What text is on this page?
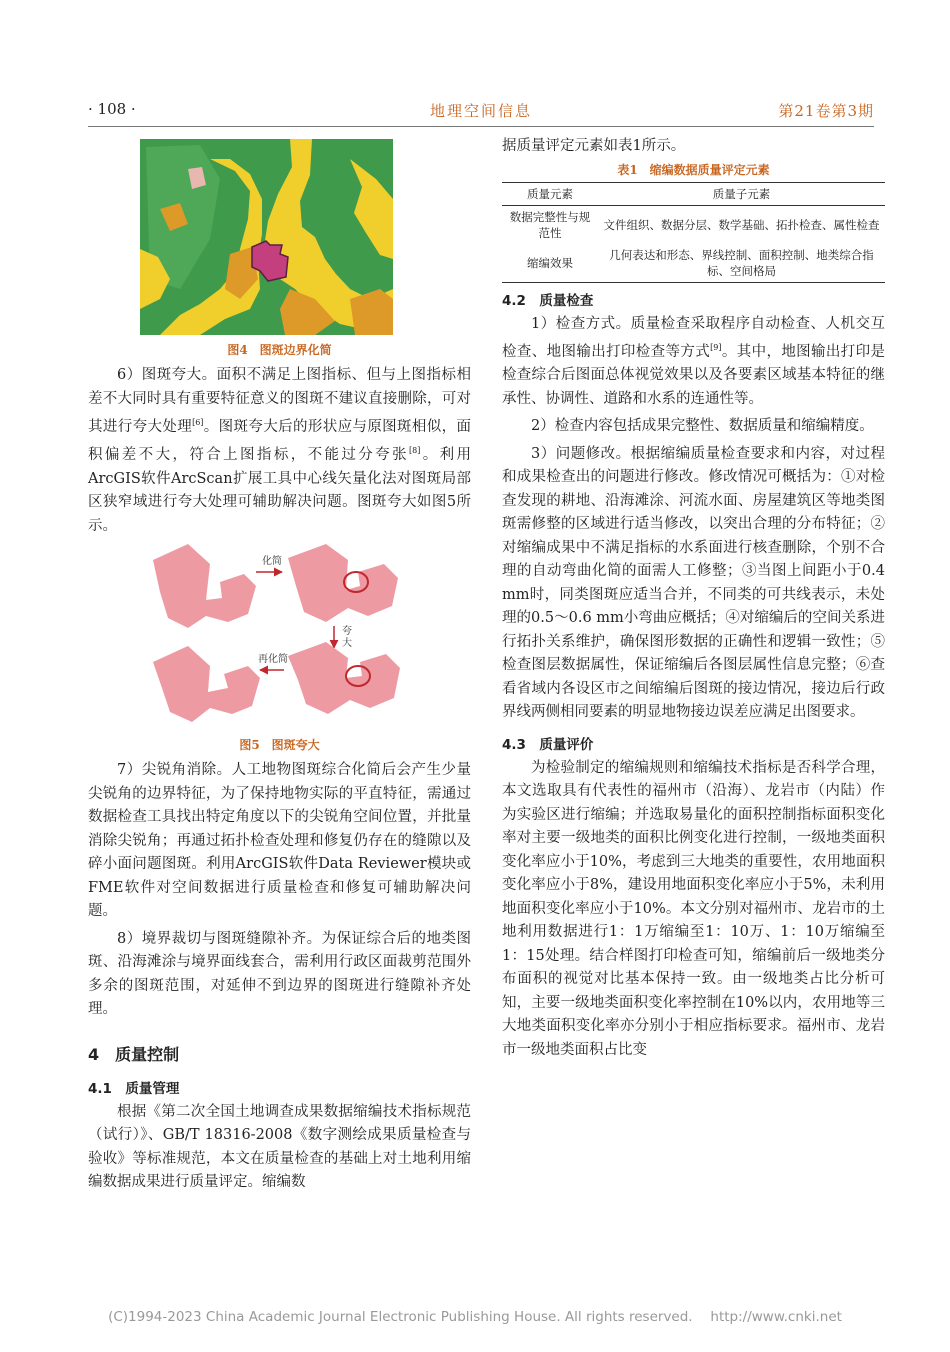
· 108 ·	地理空间信息	第21卷第3期
图4　图斑边界化简

6）图斑夸大。面积不满足上图指标、但与上图指标相差不大同时具有重要特征意义的图斑不建议直接删除，可对其进行夸大处理[6]。图斑夸大后的形状应与原图斑相似，面积偏差不大，符合上图指标，不能过分夸张[8]。利用ArcGIS软件ArcScan扩展工具中心线矢量化法对图斑局部区狭窄域进行夸大处理可辅助解决问题。图斑夸大如图5所示。

化简
夸
大
再化简
图5　图斑夸大

7）尖锐角消除。人工地物图斑综合化简后会产生少量尖锐角的边界特征，为了保持地物实际的平直特征，需通过数据检查工具找出特定角度以下的尖锐角空间位置，并批量消除尖锐角；再通过拓扑检查处理和修复仍存在的缝隙以及碎小面问题图斑。利用ArcGIS软件Data Reviewer模块或FME软件对空间数据进行质量检查和修复可辅助解决问题。

8）境界裁切与图斑缝隙补齐。为保证综合后的地类图斑、沿海滩涂与境界面线套合，需利用行政区面裁剪范围外多余的图斑范围，对延伸不到边界的图斑进行缝隙补齐处理。

4　质量控制
4.1　质量管理

根据《第二次全国土地调查成果数据缩编技术指标规范（试行）》、GB/T 18316-2008《数字测绘成果质量检查与验收》等标准规范，本文在质量检查的基础上对土地利用缩编数据成果进行质量评定。缩编数

据质量评定元素如表1所示。

表1　缩编数据质量评定元素
质量元素	质量子元素
数据完整性与规范性	文件组织、数据分层、数学基础、拓扑检查、属性检查
缩编效果	几何表达和形态、界线控制、面积控制、地类综合指标、空间格局
4.2　质量检查

1）检查方式。质量检查采取程序自动检查、人机交互检查、地图输出打印检查等方式[9]。其中，地图输出打印是检查综合后图面总体视觉效果以及各要素区域基本特征的继承性、协调性、道路和水系的连通性等。

2）检查内容包括成果完整性、数据质量和缩编精度。

3）问题修改。根据缩编质量检查要求和内容，对过程和成果检查出的问题进行修改。修改情况可概括为：①对检查发现的耕地、沿海滩涂、河流水面、房屋建筑区等地类图斑需修整的区域进行适当修改，以突出合理的分布特征；②对缩编成果中不满足指标的水系面进行核查删除，个别不合理的自动弯曲化简的面需人工修整；③当图上间距小于0.4 mm时，同类图斑应适当合并，不同类的可共线表示，未处理的0.5～0.6 mm小弯曲应概括；④对缩编后的空间关系进行拓扑关系维护，确保图形数据的正确性和逻辑一致性；⑤检查图层数据属性，保证缩编后各图层属性信息完整；⑥查看省域内各设区市之间缩编后图斑的接边情况，接边后行政界线两侧相同要素的明显地物接边误差应满足出图要求。

4.3　质量评价

为检验制定的缩编规则和缩编技术指标是否科学合理，本文选取具有代表性的福州市（沿海）、龙岩市（内陆）作为实验区进行缩编；并选取易量化的面积控制指标面积变化率对主要一级地类的面积比例变化进行控制，一级地类面积变化率应小于10%，考虑到三大地类的重要性，农用地面积变化率应小于8%，建设用地面积变化率应小于5%，未利用地面积变化率应小于10%。本文分别对福州市、龙岩市的土地利用数据进行1：1万缩编至1：10万、1：10万缩编至1：15处理。结合样图打印检查可知，缩编前后一级地类分布面积的视觉对比基本保持一致。由一级地类占比分析可知，主要一级地类面积变化率控制在10%以内，农用地等三大地类面积变化率亦分别小于相应指标要求。福州市、龙岩市一级地类面积占比变

(C)1994-2023 China Academic Journal Electronic Publishing House. All rights reserved.　 http://www.cnki.net
